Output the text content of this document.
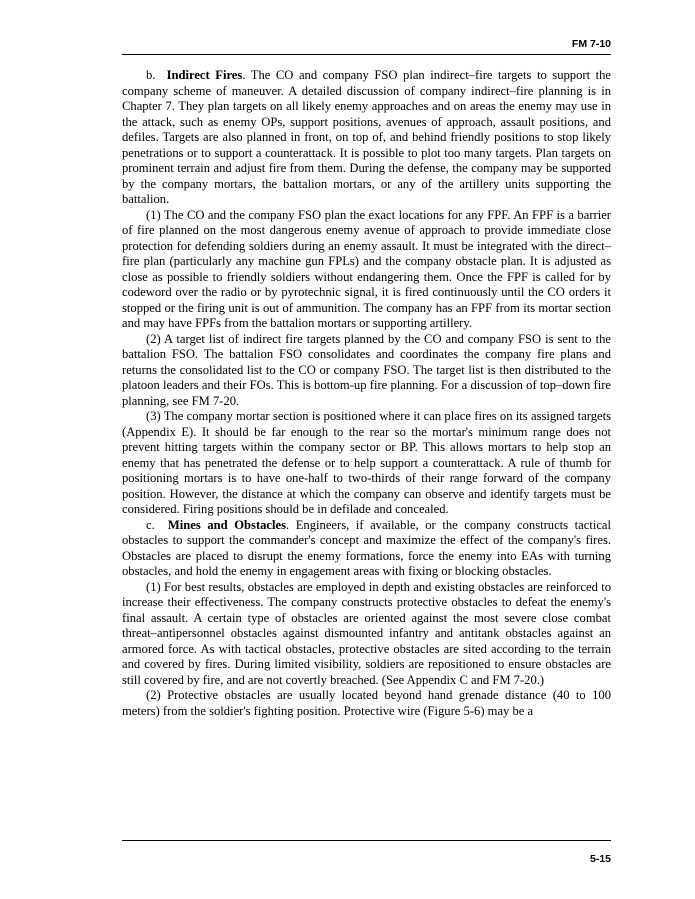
FM 7-10

b. Indirect Fires. The CO and company FSO plan indirect–fire targets to support the company scheme of maneuver. A detailed discussion of company indirect–fire planning is in Chapter 7. They plan targets on all likely enemy approaches and on areas the enemy may use in the attack, such as enemy OPs, support positions, avenues of approach, assault positions, and defiles. Targets are also planned in front, on top of, and behind friendly positions to stop likely penetrations or to support a counterattack. It is possible to plot too many targets. Plan targets on prominent terrain and adjust fire from them. During the defense, the company may be supported by the company mortars, the battalion mortars, or any of the artillery units supporting the battalion.

(1) The CO and the company FSO plan the exact locations for any FPF. An FPF is a barrier of fire planned on the most dangerous enemy avenue of approach to provide immediate close protection for defending soldiers during an enemy assault. It must be integrated with the direct–fire plan (particularly any machine gun FPLs) and the company obstacle plan. It is adjusted as close as possible to friendly soldiers without endangering them. Once the FPF is called for by codeword over the radio or by pyrotechnic signal, it is fired continuously until the CO orders it stopped or the firing unit is out of ammunition. The company has an FPF from its mortar section and may have FPFs from the battalion mortars or supporting artillery.

(2) A target list of indirect fire targets planned by the CO and company FSO is sent to the battalion FSO. The battalion FSO consolidates and coordinates the company fire plans and returns the consolidated list to the CO or company FSO. The target list is then distributed to the platoon leaders and their FOs. This is bottom-up fire planning. For a discussion of top–down fire planning, see FM 7-20.

(3) The company mortar section is positioned where it can place fires on its assigned targets (Appendix E). It should be far enough to the rear so the mortar's minimum range does not prevent hitting targets within the company sector or BP. This allows mortars to help stop an enemy that has penetrated the defense or to help support a counterattack. A rule of thumb for positioning mortars is to have one-half to two-thirds of their range forward of the company position. However, the distance at which the company can observe and identify targets must be considered. Firing positions should be in defilade and concealed.

c. Mines and Obstacles. Engineers, if available, or the company constructs tactical obstacles to support the commander's concept and maximize the effect of the company's fires. Obstacles are placed to disrupt the enemy formations, force the enemy into EAs with turning obstacles, and hold the enemy in engagement areas with fixing or blocking obstacles.

(1) For best results, obstacles are employed in depth and existing obstacles are reinforced to increase their effectiveness. The company constructs protective obstacles to defeat the enemy's final assault. A certain type of obstacles are oriented against the most severe close combat threat–antipersonnel obstacles against dismounted infantry and antitank obstacles against an armored force. As with tactical obstacles, protective obstacles are sited according to the terrain and covered by fires. During limited visibility, soldiers are repositioned to ensure obstacles are still covered by fire, and are not covertly breached. (See Appendix C and FM 7-20.)

(2) Protective obstacles are usually located beyond hand grenade distance (40 to 100 meters) from the soldier's fighting position. Protective wire (Figure 5-6) may be a

5-15
